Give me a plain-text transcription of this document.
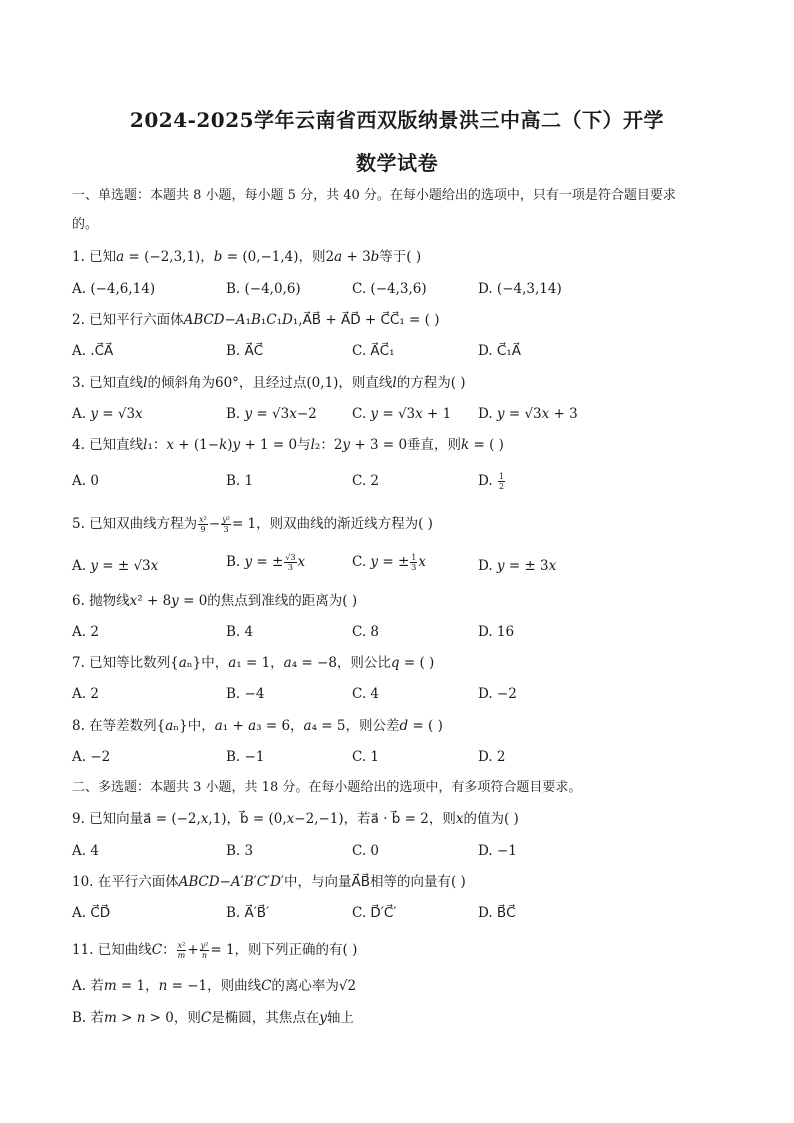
2024-2025学年云南省西双版纳景洪三中高二（下）开学
数学试卷
一、单选题：本题共 8 小题，每小题 5 分，共 40 分。在每小题给出的选项中，只有一项是符合题目要求
的。
1. 已知𝑎 = (−2,3,1)，𝑏 = (0,−1,4)，则2𝑎 + 3𝑏等于( )
A. (−4,6,14)	B. (−4,0,6)	C. (−4,3,6)	D. (−4,3,14)
2. 已知平行六面体𝐴𝐵𝐶𝐷−𝐴₁𝐵₁𝐶₁𝐷₁,A⃗B⃗ + A⃗D⃗ + C⃗C⃗₁ = ( )
A. .C⃗A⃗	B. A⃗C⃗	C. A⃗C⃗₁	D. C⃗₁A⃗
3. 已知直线𝑙的倾斜角为60°，且经过点(0,1)，则直线𝑙的方程为( )
A. 𝑦 = √3𝑥	B. 𝑦 = √3𝑥−2	C. 𝑦 = √3𝑥 + 1 D. 𝑦 = √3𝑥 + 3
4. 已知直线𝑙₁：𝑥 + (1−𝑘)𝑦 + 1 = 0与𝑙₂：2𝑦 + 3 = 0垂直，则𝑘 = ( )
A. 0	B. 1	C. 2	D. $\frac{1}{2}$
5. 已知双曲线方程为 $\frac{\text{𝑥²}}{9} - \frac{\text{𝑦²}}{3} = 1$，则双曲线的渐近线方程为( )
A. 𝑦 = ± √3𝑥	B. 𝑦 = ± $\frac{√3}{3}$ 𝑥	C. 𝑦 = ± $\frac{1}{3}$ 𝑥	D. 𝑦 = ± 3𝑥
6. 抛物线𝑥² + 8𝑦 = 0的焦点到准线的距离为( )
A. 2	B. 4	C. 8	D. 16
7. 已知等比数列{𝑎ₙ}中，𝑎₁ = 1，𝑎₄ = −8，则公比𝑞 = ( )
A. 2	B. −4	C. 4	D. −2
8. 在等差数列{𝑎ₙ}中，𝑎₁ + 𝑎₃ = 6，𝑎₄ = 5，则公差𝑑 = ( )
A. −2	B. −1	C. 1	D. 2
二、多选题：本题共 3 小题，共 18 分。在每小题给出的选项中，有多项符合题目要求。
9. 已知向量a⃗ = (−2,𝑥,1)，b⃗ = (0,𝑥−2,−1)，若a⃗ · b⃗ = 2，则𝑥的值为( )
A. 4	B. 3	C. 0	D. −1
10. 在平行六面体𝐴𝐵𝐶𝐷−𝐴′𝐵′𝐶′𝐷′中，与向量A⃗B⃗相等的向量有( )
A. C⃗D⃗	B. A⃗′B⃗′	C. D⃗′C⃗′	D. B⃗C⃗
11. 已知曲线𝐶： $\frac{\text{𝑥²}}{\text{𝑚}} + \frac{\text{𝑦²}}{\text{𝑛}} = 1$，则下列正确的有( )
A. 若𝑚 = 1，𝑛 = −1，则曲线𝐶的离心率为√2
B. 若𝑚 > 𝑛 > 0，则𝐶是椭圆，其焦点在𝑦轴上
